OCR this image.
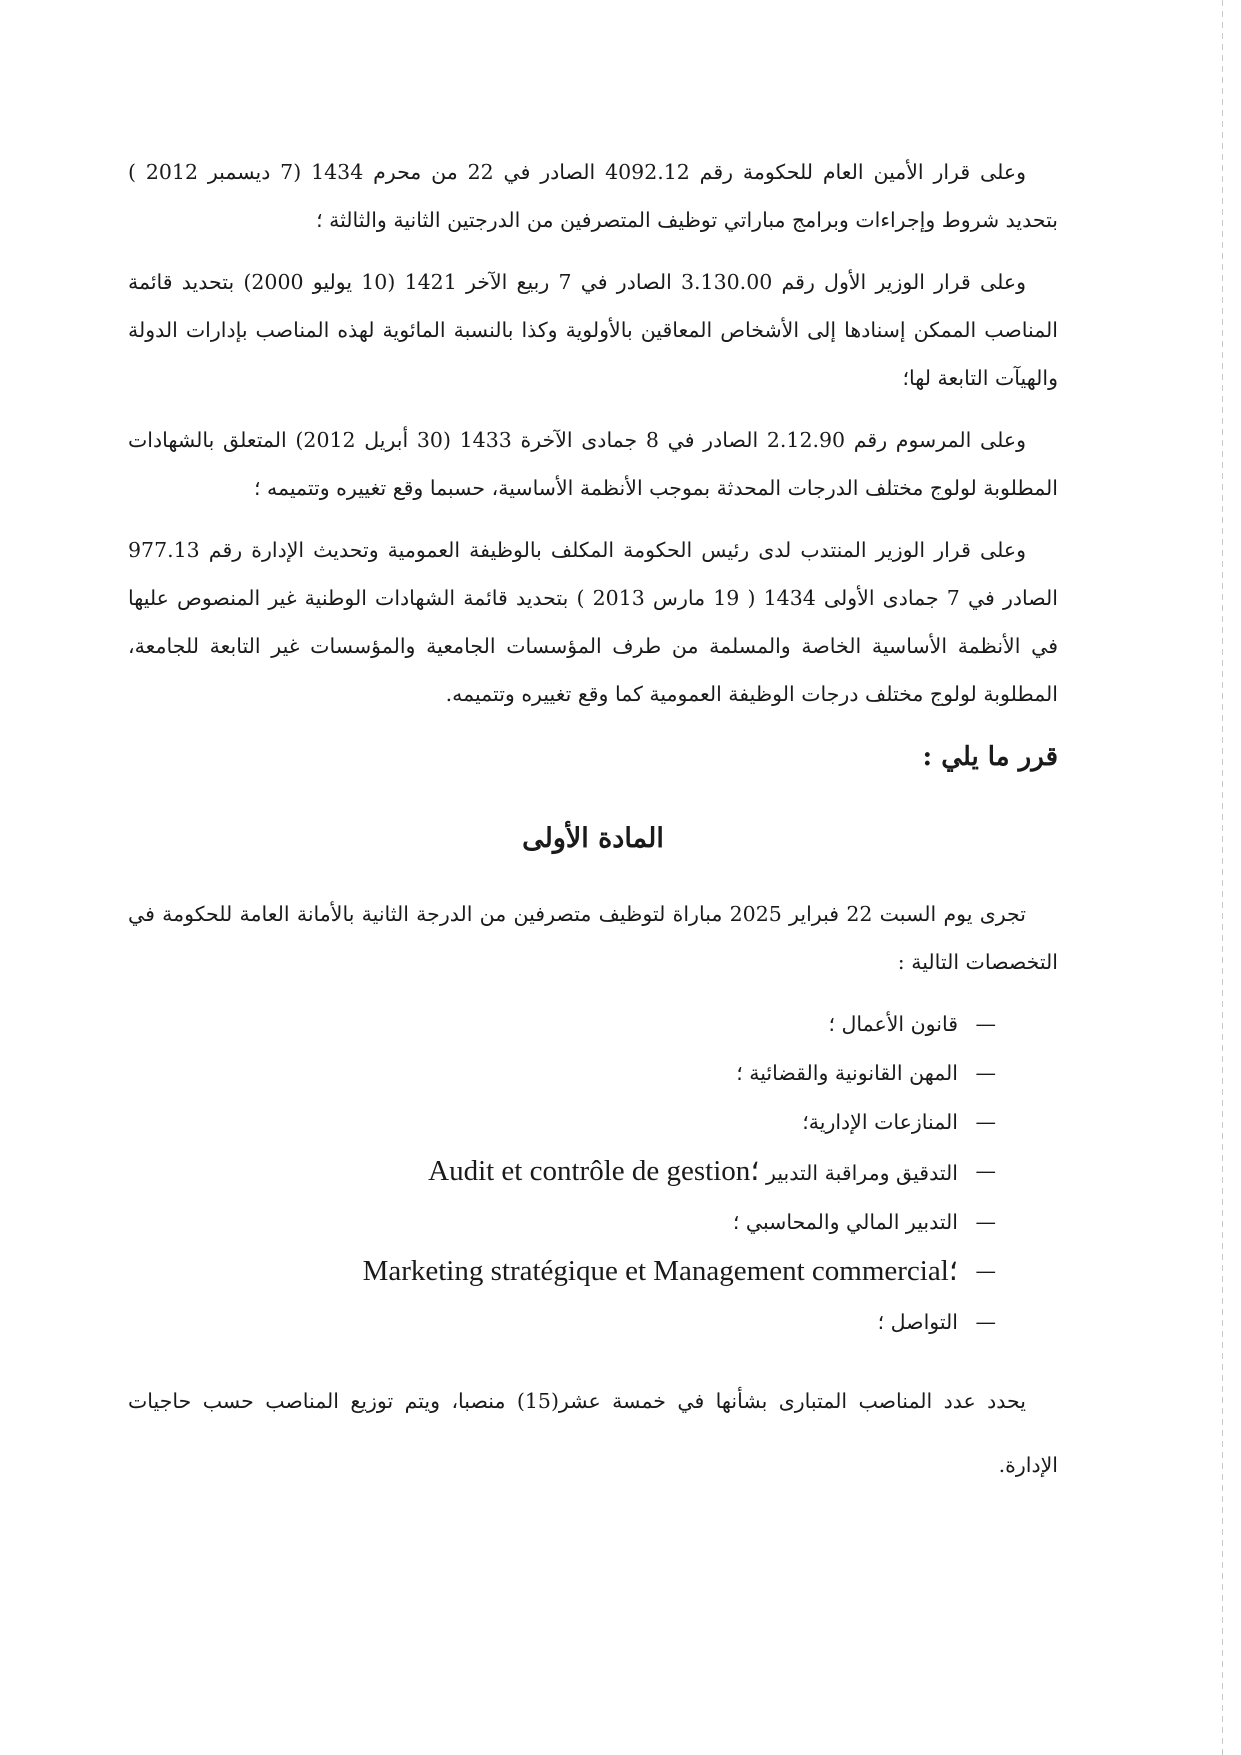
وعلى قرار الأمين العام للحكومة رقم 4092.12 الصادر في 22 من محرم 1434 (7 ديسمبر 2012 ) بتحديد شروط وإجراءات وبرامج مباراتي توظيف المتصرفين من الدرجتين الثانية والثالثة ؛

وعلى قرار الوزير الأول رقم 3.130.00 الصادر في 7 ربيع الآخر 1421 (10 يوليو 2000) بتحديد قائمة المناصب الممكن إسنادها إلى الأشخاص المعاقين بالأولوية وكذا بالنسبة المائوية لهذه المناصب بإدارات الدولة والهيآت التابعة لها؛

وعلى المرسوم رقم 2.12.90 الصادر في 8 جمادى الآخرة 1433 (30 أبريل 2012) المتعلق بالشهادات المطلوبة لولوج مختلف الدرجات المحدثة بموجب الأنظمة الأساسية، حسبما وقع تغييره وتتميمه ؛

وعلى قرار الوزير المنتدب لدى رئيس الحكومة المكلف بالوظيفة العمومية وتحديث الإدارة رقم 977.13 الصادر في 7 جمادى الأولى 1434 ( 19 مارس 2013 ) بتحديد قائمة الشهادات الوطنية غير المنصوص عليها في الأنظمة الأساسية الخاصة والمسلمة من طرف المؤسسات الجامعية والمؤسسات غير التابعة للجامعة، المطلوبة لولوج مختلف درجات الوظيفة العمومية كما وقع تغييره وتتميمه.

قرر ما يلي :
المادة الأولى

تجرى يوم السبت 22 فبراير 2025 مباراة لتوظيف متصرفين من الدرجة الثانية بالأمانة العامة للحكومة في التخصصات التالية :

—
قانون الأعمال ؛
—
المهن القانونية والقضائية ؛
—
المنازعات الإدارية؛
—
التدقيق ومراقبة التدبير Audit et contrôle de gestion؛
—
التدبير المالي والمحاسبي ؛
—
Marketing stratégique et Management commercial؛
—
التواصل ؛

يحدد عدد المناصب المتبارى بشأنها في خمسة عشر(15) منصبا، ويتم توزيع المناصب حسب حاجيات الإدارة.
